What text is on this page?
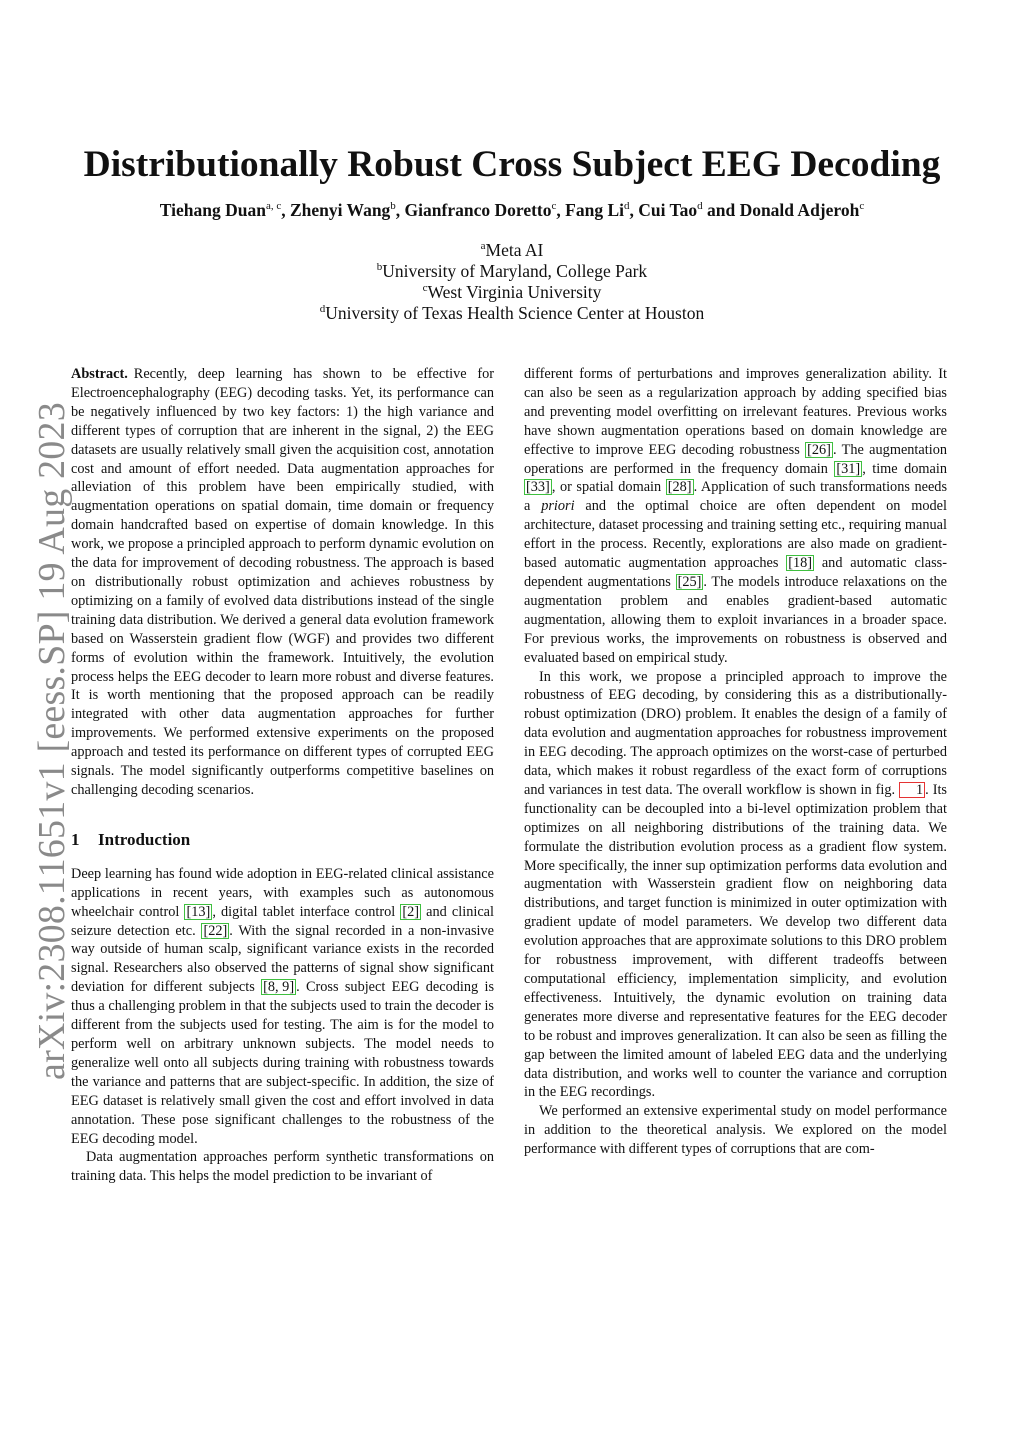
arXiv:2308.11651v1 [eess.SP] 19 Aug 2023
Distributionally Robust Cross Subject EEG Decoding
Tiehang Duan$^{a, c}$, Zhenyi Wang$^b$, Gianfranco Doretto$^c$, Fang Li$^d$, Cui Tao$^d$ and Donald Adjeroh$^c$
$^a$Meta AI
$^b$University of Maryland, College Park
$^c$West Virginia University
$^d$University of Texas Health Science Center at Houston

Abstract. Recently, deep learning has shown to be effective for Electroencephalography (EEG) decoding tasks. Yet, its performance can be negatively influenced by two key factors: 1) the high variance and different types of corruption that are inherent in the signal, 2) the EEG datasets are usually relatively small given the acquisition cost, annotation cost and amount of effort needed. Data augmentation approaches for alleviation of this problem have been empirically studied, with augmentation operations on spatial domain, time domain or frequency domain handcrafted based on expertise of domain knowledge. In this work, we propose a principled approach to perform dynamic evolution on the data for improvement of decoding robustness. The approach is based on distributionally robust optimization and achieves robustness by optimizing on a family of evolved data distributions instead of the single training data distribution. We derived a general data evolution framework based on Wasserstein gradient flow (WGF) and provides two different forms of evolution within the framework. Intuitively, the evolution process helps the EEG decoder to learn more robust and diverse features. It is worth mentioning that the proposed approach can be readily integrated with other data augmentation approaches for further improvements. We performed extensive experiments on the proposed approach and tested its performance on different types of corrupted EEG signals. The model significantly outperforms competitive baselines on challenging decoding scenarios.

1 Introduction

Deep learning has found wide adoption in EEG-related clinical assistance applications in recent years, with examples such as autonomous wheelchair control [13] , digital tablet interface control [2] and clinical seizure detection etc. [22] . With the signal recorded in a non-invasive way outside of human scalp, significant variance exists in the recorded signal. Researchers also observed the patterns of signal show significant deviation for different subjects [8, 9] . Cross subject EEG decoding is thus a challenging problem in that the subjects used to train the decoder is different from the subjects used for testing. The aim is for the model to perform well on arbitrary unknown subjects. The model needs to generalize well onto all subjects during training with robustness towards the variance and patterns that are subject-specific. In addition, the size of EEG dataset is relatively small given the cost and effort involved in data annotation. These pose significant challenges to the robustness of the EEG decoding model.

Data augmentation approaches perform synthetic transformations on training data. This helps the model prediction to be invariant of

different forms of perturbations and improves generalization ability. It can also be seen as a regularization approach by adding specified bias and preventing model overfitting on irrelevant features. Previous works have shown augmentation operations based on domain knowledge are effective to improve EEG decoding robustness [26] . The augmentation operations are performed in the frequency domain [31] , time domain [33] , or spatial domain [28] . Application of such transformations needs a priori and the optimal choice are often dependent on model architecture, dataset processing and training setting etc., requiring manual effort in the process. Recently, explorations are also made on gradient-based automatic augmentation approaches [18] and automatic class-dependent augmentations [25] . The models introduce relaxations on the augmentation problem and enables gradient-based automatic augmentation, allowing them to exploit invariances in a broader space. For previous works, the improvements on robustness is observed and evaluated based on empirical study.

In this work, we propose a principled approach to improve the robustness of EEG decoding, by considering this as a distributionally-robust optimization (DRO) problem. It enables the design of a family of data evolution and augmentation approaches for robustness improvement in EEG decoding. The approach optimizes on the worst-case of perturbed data, which makes it robust regardless of the exact form of corruptions and variances in test data. The overall workflow is shown in fig. 1 . Its functionality can be decoupled into a bi-level optimization problem that optimizes on all neighboring distributions of the training data. We formulate the distribution evolution process as a gradient flow system. More specifically, the inner sup optimization performs data evolution and augmentation with Wasserstein gradient flow on neighboring data distributions, and target function is minimized in outer optimization with gradient update of model parameters. We develop two different data evolution approaches that are approximate solutions to this DRO problem for robustness improvement, with different tradeoffs between computational efficiency, implementation simplicity, and evolution effectiveness. Intuitively, the dynamic evolution on training data generates more diverse and representative features for the EEG decoder to be robust and improves generalization. It can also be seen as filling the gap between the limited amount of labeled EEG data and the underlying data distribution, and works well to counter the variance and corruption in the EEG recordings.

We performed an extensive experimental study on model performance in addition to the theoretical analysis. We explored on the model performance with different types of corruptions that are com-
